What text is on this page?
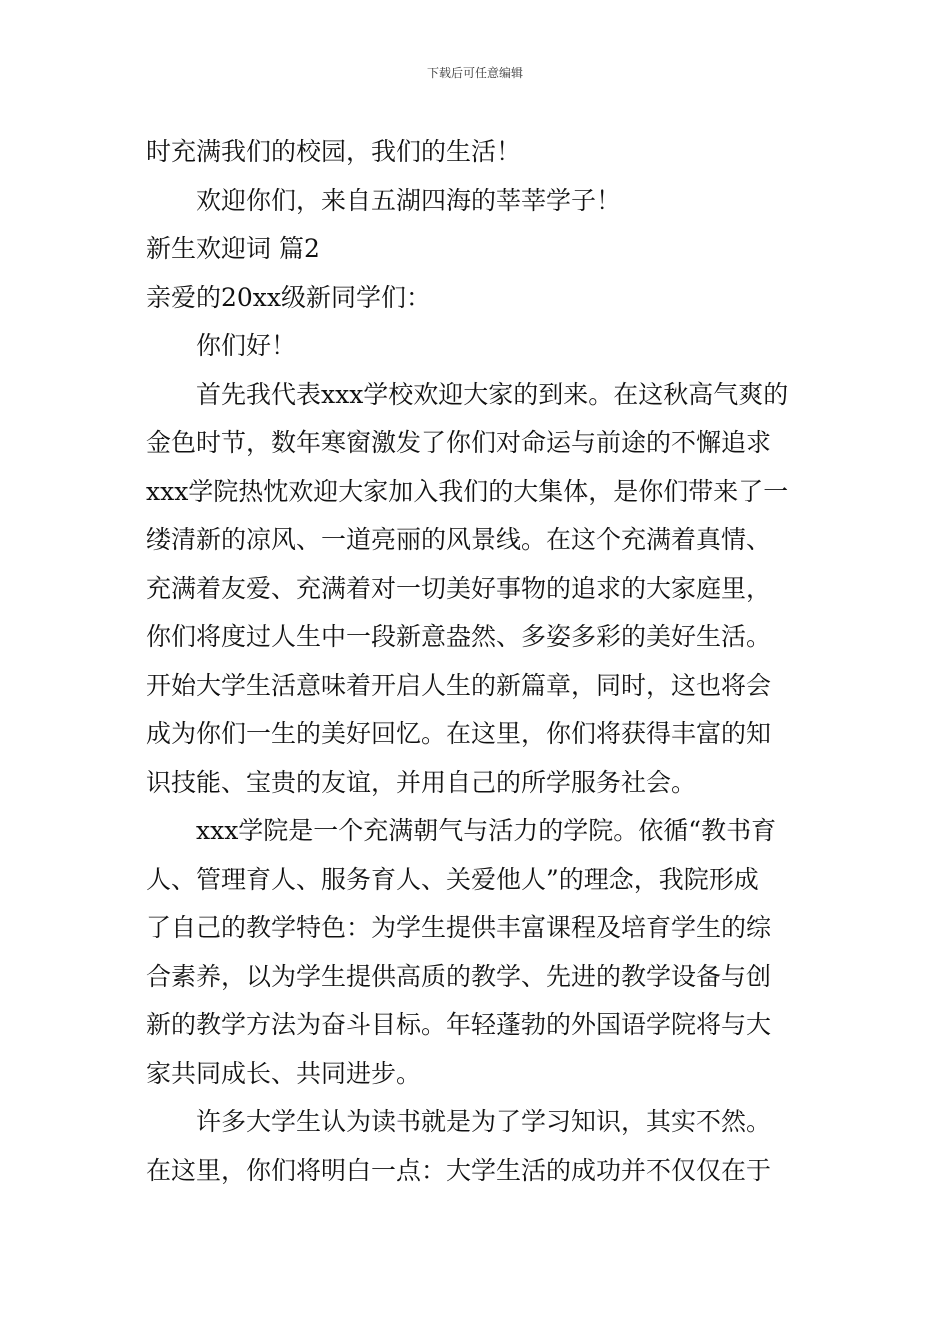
下载后可任意编辑

时充满我们的校园，我们的生活！

欢迎你们，来自五湖四海的莘莘学子！

新生欢迎词 篇2

亲爱的20xx级新同学们：

你们好！

首先我代表xxx学校欢迎大家的到来。在这秋高气爽的

金色时节，数年寒窗激发了你们对命运与前途的不懈追求

xxx学院热忱欢迎大家加入我们的大集体，是你们带来了一

缕清新的凉风、一道亮丽的风景线。在这个充满着真情、

充满着友爱、充满着对一切美好事物的追求的大家庭里，

你们将度过人生中一段新意盎然、多姿多彩的美好生活。

开始大学生活意味着开启人生的新篇章，同时，这也将会

成为你们一生的美好回忆。在这里，你们将获得丰富的知

识技能、宝贵的友谊，并用自己的所学服务社会。

xxx学院是一个充满朝气与活力的学院。依循“教书育

人、管理育人、服务育人、关爱他人”的理念，我院形成

了自己的教学特色：为学生提供丰富课程及培育学生的综

合素养，以为学生提供高质的教学、先进的教学设备与创

新的教学方法为奋斗目标。年轻蓬勃的外国语学院将与大

家共同成长、共同进步。

许多大学生认为读书就是为了学习知识，其实不然。

在这里，你们将明白一点：大学生活的成功并不仅仅在于
